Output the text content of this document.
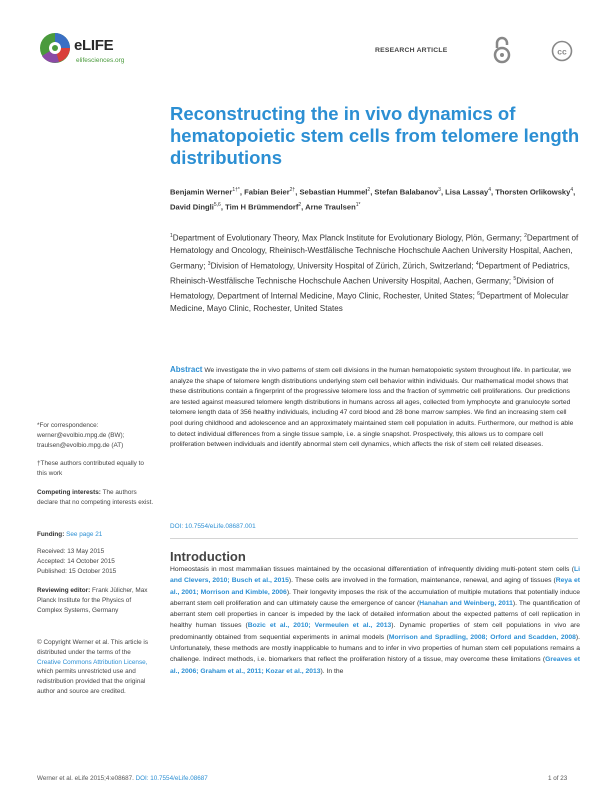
eLIFE
elifesciences.org
RESEARCH ARTICLE	cc
Reconstructing the in vivo dynamics of hematopoietic stem cells from telomere length distributions
Benjamin Werner$^{1\dagger*}$, Fabian Beier$^{2\dagger}$, Sebastian Hummel$^2$, Stefan Balabanov$^3$, Lisa Lassay$^4$, Thorsten Orlikowsky$^4$, David Dingli$^{5,6}$, Tim H Brümmendorf$^2$, Arne Traulsen$^{1*}$
$^1$Department of Evolutionary Theory, Max Planck Institute for Evolutionary Biology, Plön, Germany; $^2$Department of Hematology and Oncology, Rheinisch-Westfälische Technische Hochschule Aachen University Hospital, Aachen, Germany; $^3$Division of Hematology, University Hospital of Zürich, Zürich, Switzerland; $^4$Department of Pediatrics, Rheinisch-Westfälische Technische Hochschule Aachen University Hospital, Aachen, Germany; $^5$Division of Hematology, Department of Internal Medicine, Mayo Clinic, Rochester, United States; $^6$Department of Molecular Medicine, Mayo Clinic, Rochester, United States
*For correspondence: werner@evolbio.mpg.de (BW); traulsen@evolbio.mpg.de (AT)
†These authors contributed equally to this work
Competing interests: The authors declare that no competing interests exist.
Funding: See page 21
Received: 13 May 2015
Accepted: 14 October 2015
Published: 15 October 2015
Reviewing editor: Frank Jülicher, Max Planck Institute for the Physics of Complex Systems, Germany
© Copyright Werner et al. This article is distributed under the terms of the Creative Commons Attribution License, which permits unrestricted use and redistribution provided that the original author and source are credited.
Abstract We investigate the in vivo patterns of stem cell divisions in the human hematopoietic system throughout life. In particular, we analyze the shape of telomere length distributions underlying stem cell behavior within individuals. Our mathematical model shows that these distributions contain a fingerprint of the progressive telomere loss and the fraction of symmetric cell proliferations. Our predictions are tested against measured telomere length distributions in humans across all ages, collected from lymphocyte and granulocyte sorted telomere length data of 356 healthy individuals, including 47 cord blood and 28 bone marrow samples. We find an increasing stem cell pool during childhood and adolescence and an approximately maintained stem cell population in adults. Furthermore, our method is able to detect individual differences from a single tissue sample, i.e. a single snapshot. Prospectively, this allows us to compare cell proliferation between individuals and identify abnormal stem cell dynamics, which affects the risk of stem cell related diseases.
DOI: 10.7554/eLife.08687.001
Introduction
Homeostasis in most mammalian tissues maintained by the occasional differentiation of infrequently dividing multi-potent stem cells (Li and Clevers, 2010; Busch et al., 2015). These cells are involved in the formation, maintenance, renewal, and aging of tissues (Reya et al., 2001; Morrison and Kimble, 2006). Their longevity imposes the risk of the accumulation of multiple mutations that potentially induce aberrant stem cell proliferation and can ultimately cause the emergence of cancer (Hanahan and Weinberg, 2011). The quantification of aberrant stem cell properties in cancer is impeded by the lack of detailed information about the expected patterns of cell replication in healthy human tissues (Bozic et al., 2010; Vermeulen et al., 2013). Dynamic properties of stem cell populations in vivo are predominantly obtained from sequential experiments in animal models (Morrison and Spradling, 2008; Orford and Scadden, 2008). Unfortunately, these methods are mostly inapplicable to humans and to infer in vivo properties of human stem cell populations remains a challenge. Indirect methods, i.e. biomarkers that reflect the proliferation history of a tissue, may overcome these limitations (Greaves et al., 2006; Graham et al., 2011; Kozar et al., 2013). In the
Werner et al. eLife 2015;4:e08687. DOI: 10.7554/eLife.08687	1 of 23
